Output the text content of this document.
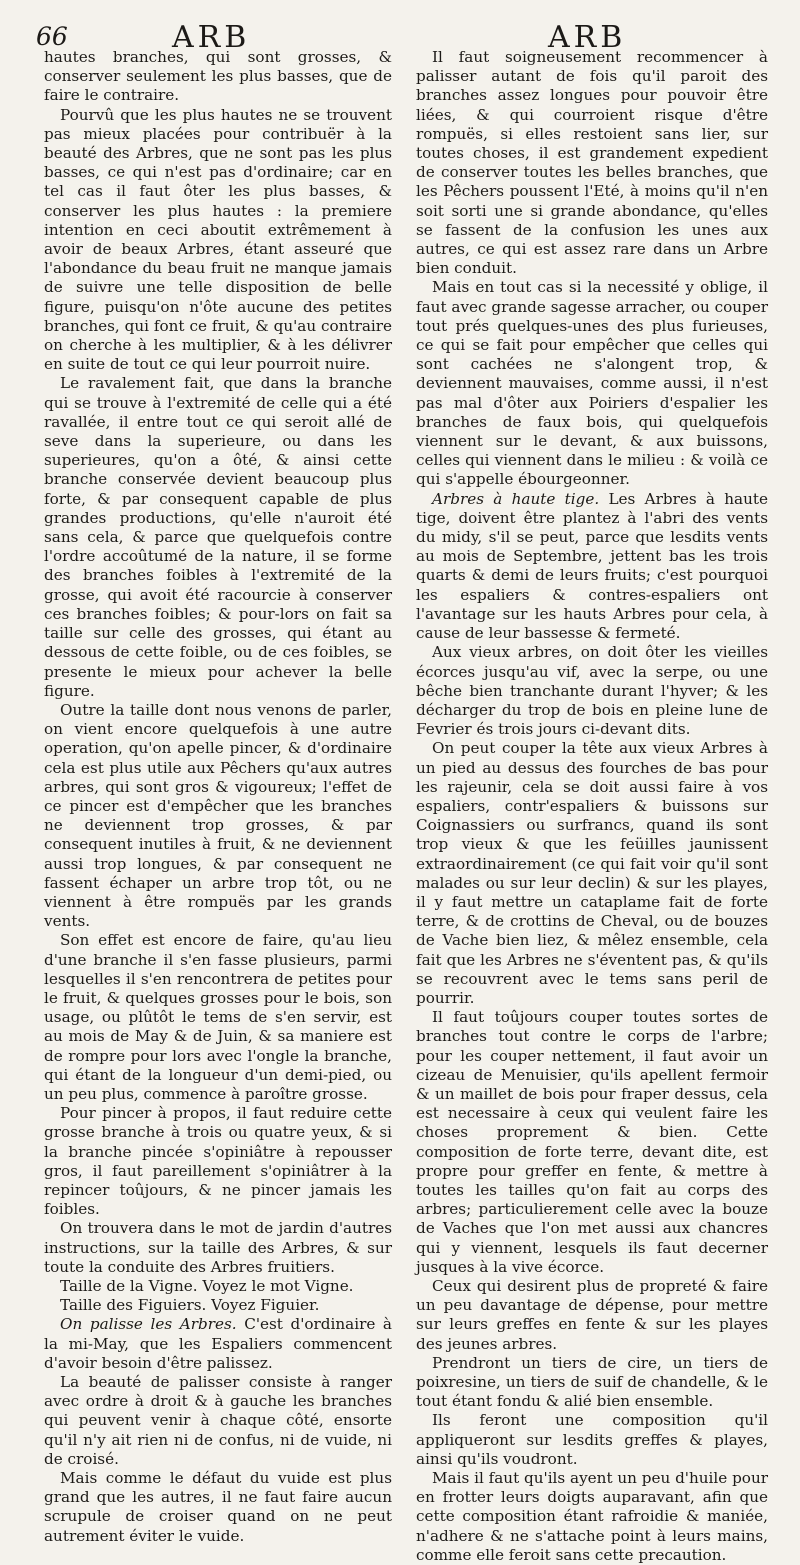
66	ARB	ARB

hautes branches, qui sont grosses, & conserver seulement les plus basses, que de faire le contraire.

Pourvû que les plus hautes ne se trouvent pas mieux placées pour contribuër à la beauté des Arbres, que ne sont pas les plus basses, ce qui n'est pas d'ordinaire; car en tel cas il faut ôter les plus basses, & conserver les plus hautes : la premiere intention en ceci aboutit extrêmement à avoir de beaux Arbres, étant asseuré que l'abondance du beau fruit ne manque jamais de suivre une telle disposition de belle figure, puisqu'on n'ôte aucune des petites branches, qui font ce fruit, & qu'au contraire on cherche à les multiplier, & à les délivrer en suite de tout ce qui leur pourroit nuire.

Le ravalement fait, que dans la branche qui se trouve à l'extremité de celle qui a été ravallée, il entre tout ce qui seroit allé de seve dans la superieure, ou dans les superieures, qu'on a ôté, & ainsi cette branche conservée devient beaucoup plus forte, & par consequent capable de plus grandes productions, qu'elle n'auroit été sans cela, & parce que quelquefois contre l'ordre accoûtumé de la nature, il se forme des branches foibles à l'extremité de la grosse, qui avoit été racourcie à conserver ces branches foibles; & pour-lors on fait sa taille sur celle des grosses, qui étant au dessous de cette foible, ou de ces foibles, se presente le mieux pour achever la belle figure.

Outre la taille dont nous venons de parler, on vient encore quelquefois à une autre operation, qu'on apelle pincer, & d'ordinaire cela est plus utile aux Pêchers qu'aux autres arbres, qui sont gros & vigoureux; l'effet de ce pincer est d'empêcher que les branches ne deviennent trop grosses, & par consequent inutiles à fruit, & ne deviennent aussi trop longues, & par consequent ne fassent échaper un arbre trop tôt, ou ne viennent à être rompuës par les grands vents.

Son effet est encore de faire, qu'au lieu d'une branche il s'en fasse plusieurs, parmi lesquelles il s'en rencontrera de petites pour le fruit, & quelques grosses pour le bois, son usage, ou plûtôt le tems de s'en servir, est au mois de May & de Juin, & sa maniere est de rompre pour lors avec l'ongle la branche, qui étant de la longueur d'un demi-pied, ou un peu plus, commence à paroître grosse.

Pour pincer à propos, il faut reduire cette grosse branche à trois ou quatre yeux, & si la branche pincée s'opiniâtre à repousser gros, il faut pareillement s'opiniâtrer à la repincer toûjours, & ne pincer jamais les foibles.

On trouvera dans le mot de jardin d'autres instructions, sur la taille des Arbres, & sur toute la conduite des Arbres fruitiers.

Taille de la Vigne. Voyez le mot Vigne.

Taille des Figuiers. Voyez Figuier.

On palisse les Arbres. C'est d'ordinaire à la mi-May, que les Espaliers commencent d'avoir besoin d'être palissez.

La beauté de palisser consiste à ranger avec ordre à droit & à gauche les branches qui peuvent venir à chaque côté, ensorte qu'il n'y ait rien ni de confus, ni de vuide, ni de croisé.

Mais comme le défaut du vuide est plus grand que les autres, il ne faut faire aucun scrupule de croiser quand on ne peut autrement éviter le vuide.

Il faut soigneusement recommencer à palisser autant de fois qu'il paroit des branches assez longues pour pouvoir être liées, & qui courroient risque d'être rompuës, si elles restoient sans lier, sur toutes choses, il est grandement expedient de conserver toutes les belles branches, que les Pêchers poussent l'Eté, à moins qu'il n'en soit sorti une si grande abondance, qu'elles se fassent de la confusion les unes aux autres, ce qui est assez rare dans un Arbre bien conduit.

Mais en tout cas si la necessité y oblige, il faut avec grande sagesse arracher, ou couper tout prés quelques-unes des plus furieuses, ce qui se fait pour empêcher que celles qui sont cachées ne s'alongent trop, & deviennent mauvaises, comme aussi, il n'est pas mal d'ôter aux Poiriers d'espalier les branches de faux bois, qui quelquefois viennent sur le devant, & aux buissons, celles qui viennent dans le milieu : & voilà ce qui s'appelle ébourgeonner.

Arbres à haute tige. Les Arbres à haute tige, doivent être plantez à l'abri des vents du midy, s'il se peut, parce que lesdits vents au mois de Septembre, jettent bas les trois quarts & demi de leurs fruits; c'est pourquoi les espaliers & contres-espaliers ont l'avantage sur les hauts Arbres pour cela, à cause de leur bassesse & fermeté.

Aux vieux arbres, on doit ôter les vieilles écorces jusqu'au vif, avec la serpe, ou une bêche bien tranchante durant l'hyver; & les décharger du trop de bois en pleine lune de Fevrier és trois jours ci-devant dits.

On peut couper la tête aux vieux Arbres à un pied au dessus des fourches de bas pour les rajeunir, cela se doit aussi faire à vos espaliers, contr'espaliers & buissons sur Coignassiers ou surfrancs, quand ils sont trop vieux & que les feüilles jaunissent extraordinairement (ce qui fait voir qu'il sont malades ou sur leur declin) & sur les playes, il y faut mettre un cataplame fait de forte terre, & de crottins de Cheval, ou de bouzes de Vache bien liez, & mêlez ensemble, cela fait que les Arbres ne s'éventent pas, & qu'ils se recouvrent avec le tems sans peril de pourrir.

Il faut toûjours couper toutes sortes de branches tout contre le corps de l'arbre; pour les couper nettement, il faut avoir un cizeau de Menuisier, qu'ils apellent fermoir & un maillet de bois pour fraper dessus, cela est necessaire à ceux qui veulent faire les choses proprement & bien. Cette composition de forte terre, devant dite, est propre pour greffer en fente, & mettre à toutes les tailles qu'on fait au corps des arbres; particulierement celle avec la bouze de Vaches que l'on met aussi aux chancres qui y viennent, lesquels ils faut decerner jusques à la vive écorce.

Ceux qui desirent plus de propreté & faire un peu davantage de dépense, pour mettre sur leurs greffes en fente & sur les playes des jeunes arbres.

Prendront un tiers de cire, un tiers de poixresine, un tiers de suif de chandelle, & le tout étant fondu & alié bien ensemble.

Ils feront une composition qu'il appliqueront sur lesdits greffes & playes, ainsi qu'ils voudront.

Mais il faut qu'ils ayent un peu d'huile pour en frotter leurs doigts auparavant, afin que cette composition étant rafroidie & maniée, n'adhere & ne s'attache point à leurs mains, comme elle feroit sans cette precaution.
